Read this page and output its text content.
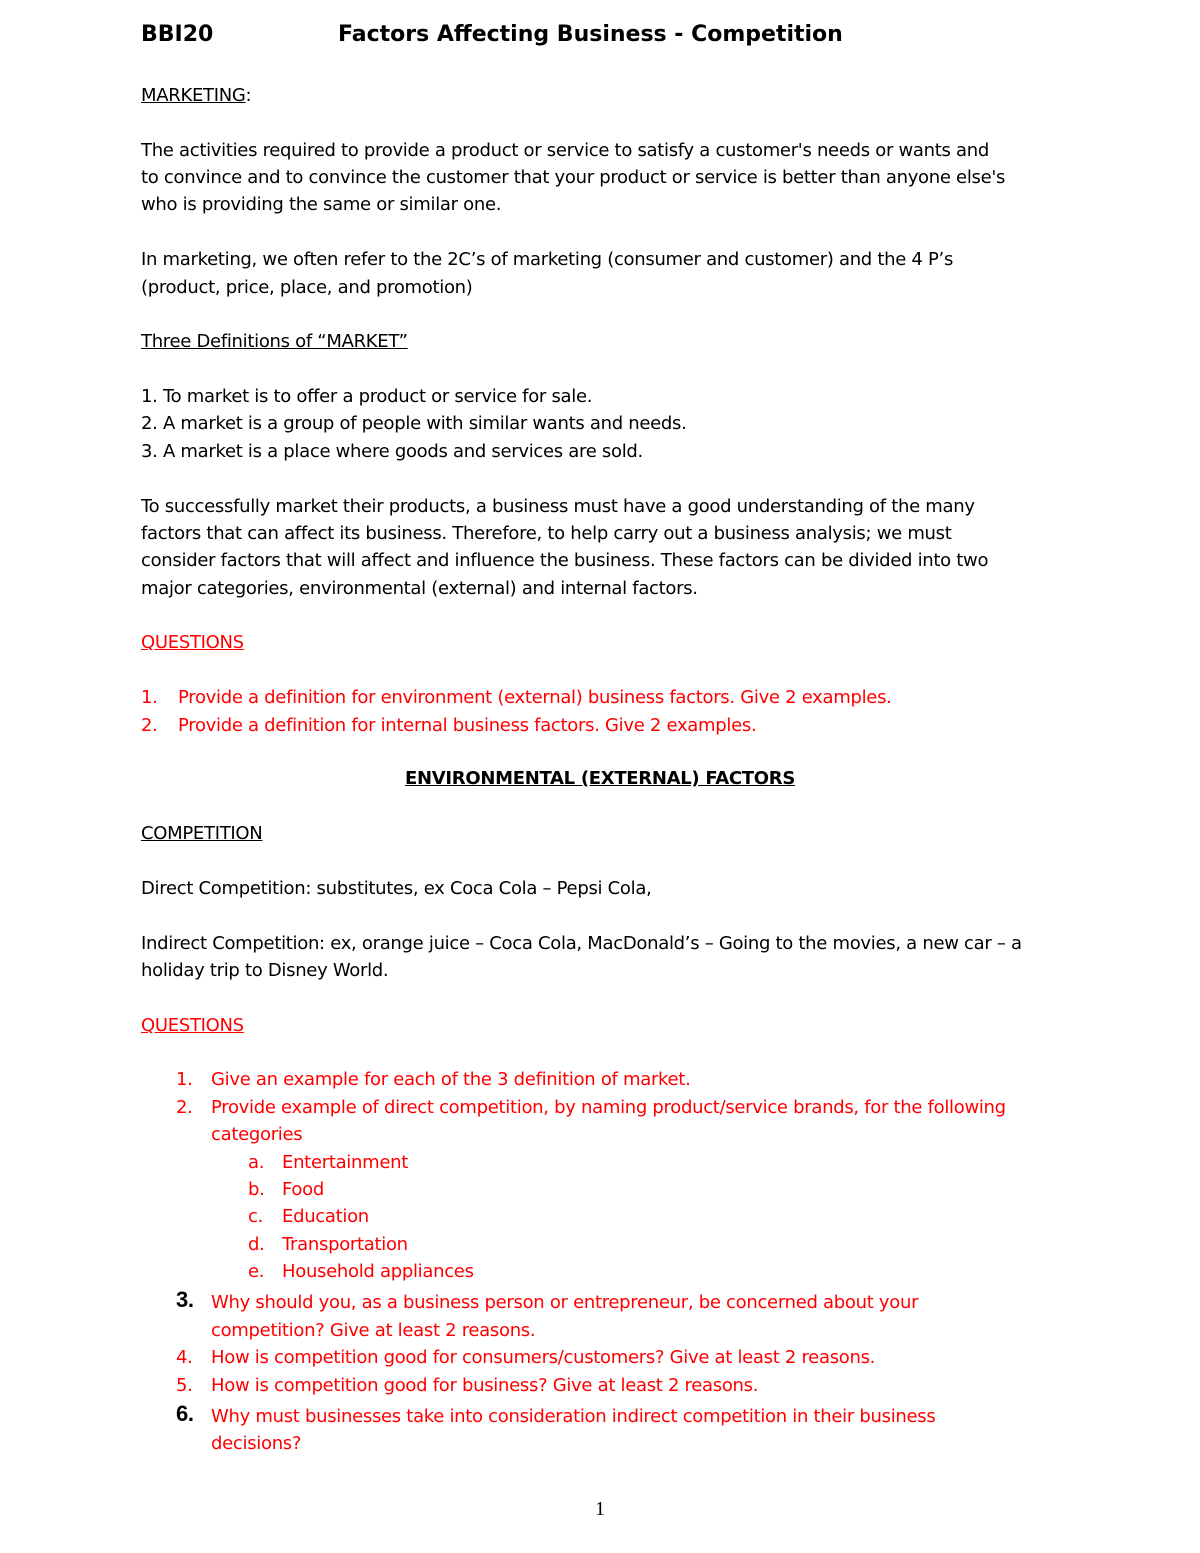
BBI20	Factors Affecting Business - Competition
MARKETING:
The activities required to provide a product or service to satisfy a customer's needs or wants and
to convince and to convince the customer that your product or service is better than anyone else's
who is providing the same or similar one.
In marketing, we often refer to the 2C’s of marketing (consumer and customer) and the 4 P’s
(product, price, place, and promotion)
Three Definitions of “MARKET”
1. To market is to offer a product or service for sale.
2. A market is a group of people with similar wants and needs.
3. A market is a place where goods and services are sold.
To successfully market their products, a business must have a good understanding of the many
factors that can affect its business. Therefore, to help carry out a business analysis; we must
consider factors that will affect and influence the business. These factors can be divided into two
major categories, environmental (external) and internal factors.
QUESTIONS
1. Provide a definition for environment (external) business factors. Give 2 examples.
2. Provide a definition for internal business factors. Give 2 examples.
ENVIRONMENTAL (EXTERNAL) FACTORS
COMPETITION
Direct Competition: substitutes, ex Coca Cola – Pepsi Cola,
Indirect Competition: ex, orange juice – Coca Cola, MacDonald’s – Going to the movies, a new car – a
holiday trip to Disney World.
QUESTIONS
1. Give an example for each of the 3 definition of market.
2. Provide example of direct competition, by naming product/service brands, for the following
categories
a. Entertainment
b. Food
c. Education
d. Transportation
e. Household appliances
3. Why should you, as a business person or entrepreneur, be concerned about your
competition? Give at least 2 reasons.
4. How is competition good for consumers/customers? Give at least 2 reasons.
5. How is competition good for business? Give at least 2 reasons.
6. Why must businesses take into consideration indirect competition in their business
decisions?
1
